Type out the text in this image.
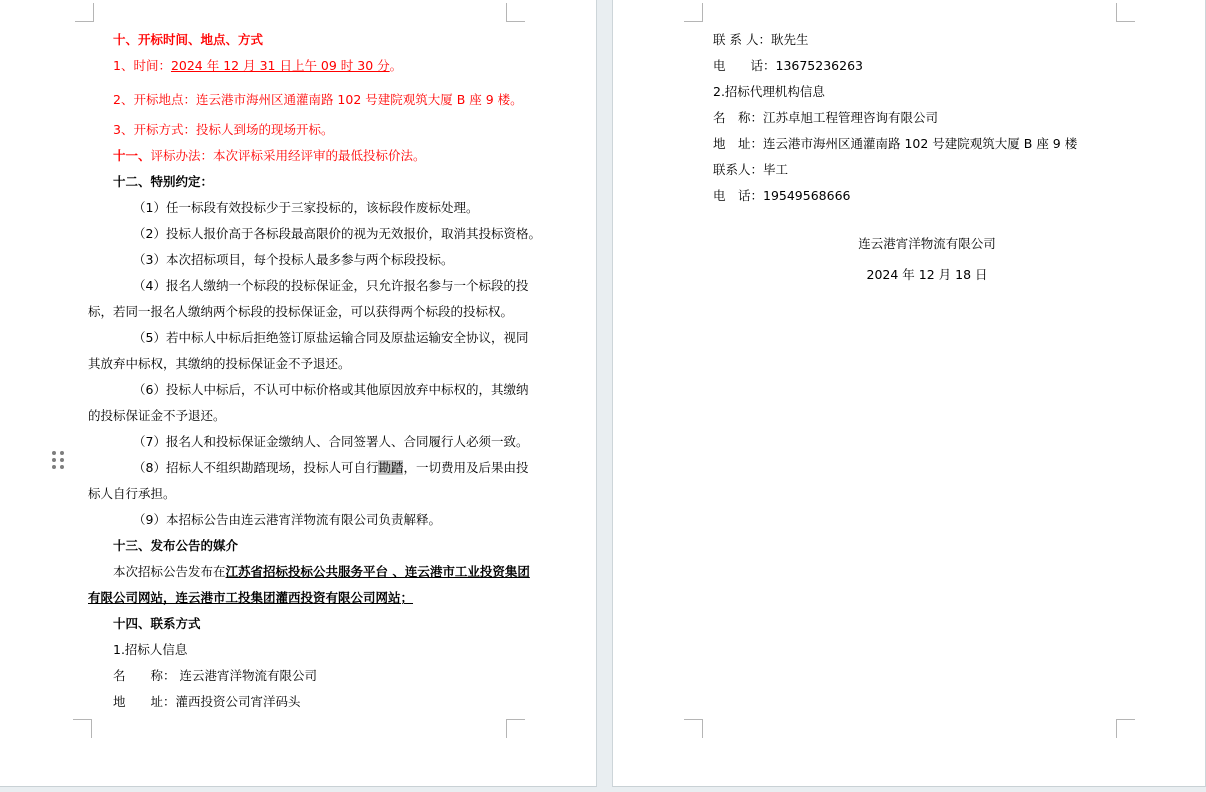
十、开标时间、地点、方式
1、时间：2024 年 12 月 31 日上午 09 时 30 分。
2、开标地点：连云港市海州区通灌南路 102 号建院观筑大厦 B 座 9 楼。
3、开标方式：投标人到场的现场开标。
十一、评标办法：本次评标采用经评审的最低投标价法。
十二、特别约定：
（1）任一标段有效投标少于三家投标的，该标段作废标处理。
（2）投标人报价高于各标段最高限价的视为无效报价，取消其投标资格。
（3）本次招标项目，每个投标人最多参与两个标段投标。
（4）报名人缴纳一个标段的投标保证金，只允许报名参与一个标段的投
标，若同一报名人缴纳两个标段的投标保证金，可以获得两个标段的投标权。
（5）若中标人中标后拒绝签订原盐运输合同及原盐运输安全协议，视同
其放弃中标权，其缴纳的投标保证金不予退还。
（6）投标人中标后，不认可中标价格或其他原因放弃中标权的，其缴纳
的投标保证金不予退还。
（7）报名人和投标保证金缴纳人、合同签署人、合同履行人必须一致。
（8）招标人不组织勘踏现场，投标人可自行勘踏，一切费用及后果由投
标人自行承担。
（9）本招标公告由连云港宵洋物流有限公司负责解释。
十三、发布公告的媒介
本次招标公告发布在江苏省招标投标公共服务平台 、连云港市工业投资集团
有限公司网站，连云港市工投集团灌西投资有限公司网站；
十四、联系方式
1.招标人信息
名　　称： 连云港宵洋物流有限公司
地　　址：灌西投资公司宵洋码头
联 系 人：耿先生
电　　话：13675236263
2.招标代理机构信息
名　称：江苏卓旭工程管理咨询有限公司
地　址：连云港市海州区通灌南路 102 号建院观筑大厦 B 座 9 楼
联系人：毕工
电　话：19549568666
连云港宵洋物流有限公司
2024 年 12 月 18 日
